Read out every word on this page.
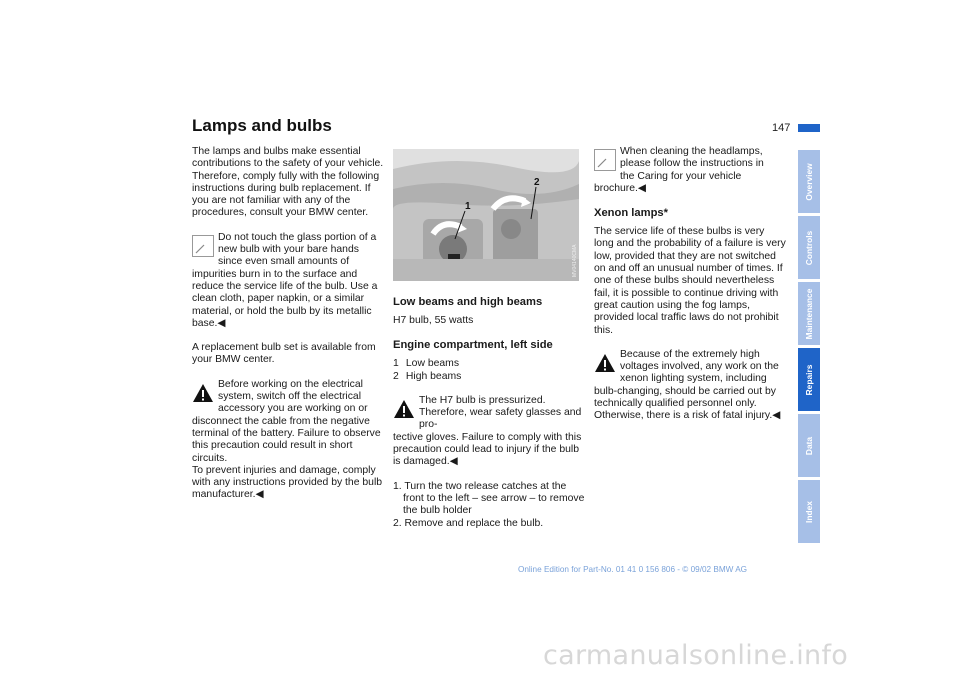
Lamps and bulbs	147

The lamps and bulbs make essential contributions to the safety of your vehicle. Therefore, comply fully with the following instructions during bulb replacement. If you are not familiar with any of the procedures, consult your BMW center.

Do not touch the glass portion of a new bulb with your bare hands
since even small amounts of impurities burn in to the surface and reduce the service life of the bulb. Use a clean cloth, paper napkin, or a similar material, or hold the bulb by its metallic base.◀

A replacement bulb set is available from your BMW center.

Before working on the electrical system, switch off the electrical
accessory you are working on or disconnect the cable from the negative terminal of the battery. Failure to observe this precaution could result in short circuits.
To prevent injuries and damage, comply with any instructions provided by the bulb manufacturer.◀
1
2
MV04140CMA
Low beams and high beams

H7 bulb, 55 watts

Engine compartment, left side
1 Low beams
2 High beams
The H7 bulb is pressurized. Therefore, wear safety glasses and pro-
tective gloves. Failure to comply with this precaution could lead to injury if the bulb is damaged.◀
1. Turn the two release catches at the front to the left – see arrow – to remove the bulb holder
2. Remove and replace the bulb.
When cleaning the headlamps, please follow the instructions in
the Caring for your vehicle brochure.◀
Xenon lamps*

The service life of these bulbs is very long and the probability of a failure is very low, provided that they are not switched on and off an unusual number of times. If one of these bulbs should nevertheless fail, it is possible to continue driving with great caution using the fog lamps, provided local traffic laws do not prohibit this.

Because of the extremely high voltages involved, any work on the
xenon lighting system, including bulb-changing, should be carried out by technically qualified personnel only. Otherwise, there is a risk of fatal injury.◀
Overview
Controls
Maintenance
Repairs
Data
Index
Online Edition for Part-No. 01 41 0 156 806 - © 09/02 BMW AG
carmanualsonline.info
